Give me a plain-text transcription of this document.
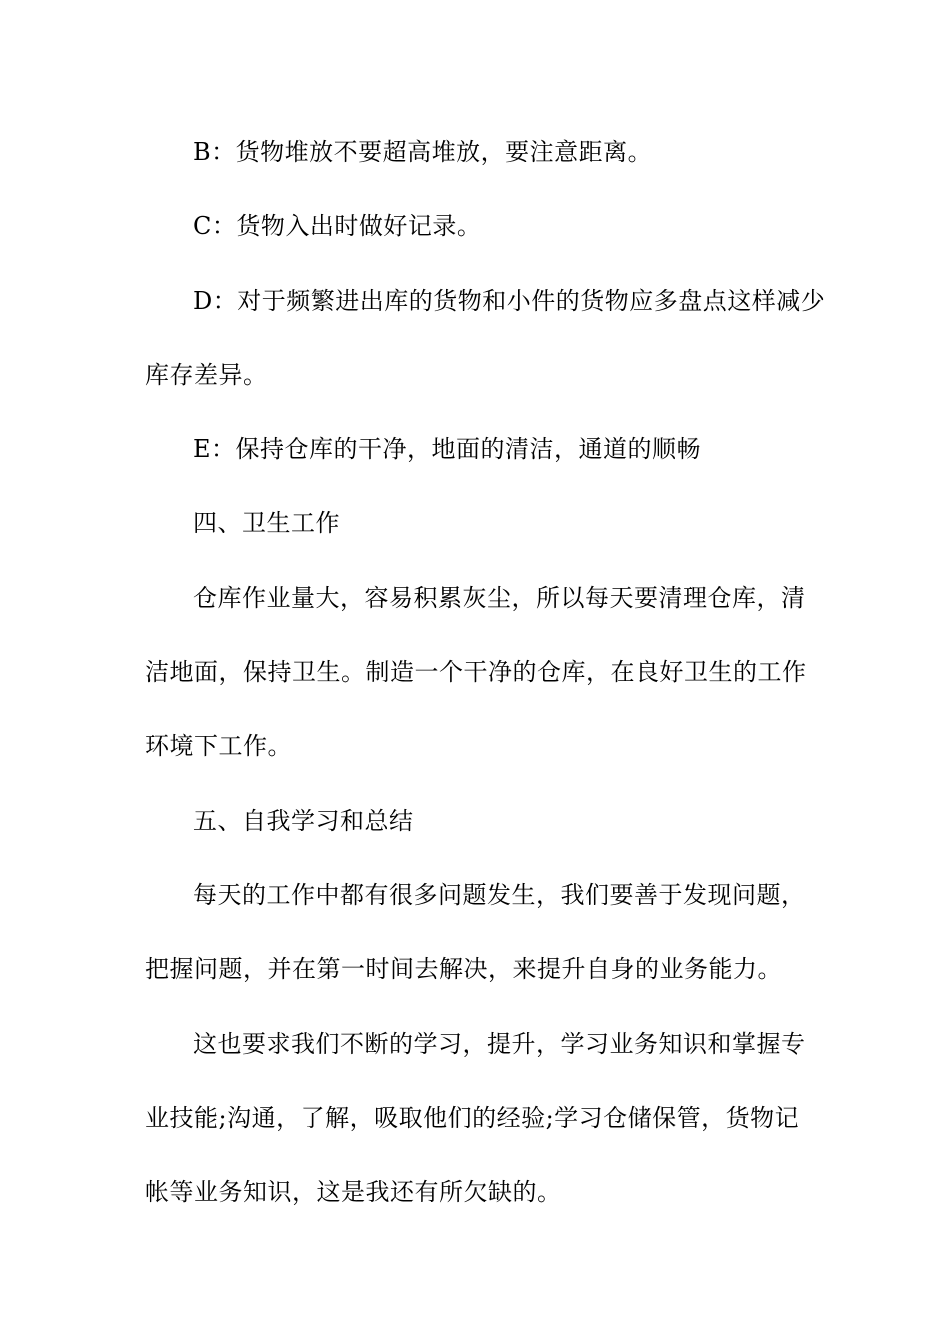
B：货物堆放不要超高堆放，要注意距离。
C：货物入出时做好记录。
D：对于频繁进出库的货物和小件的货物应多盘点这样减少
库存差异。
E：保持仓库的干净，地面的清洁，通道的顺畅
四、卫生工作
仓库作业量大，容易积累灰尘，所以每天要清理仓库，清
洁地面，保持卫生。制造一个干净的仓库，在良好卫生的工作
环境下工作。
五、自我学习和总结
每天的工作中都有很多问题发生，我们要善于发现问题，
把握问题，并在第一时间去解决，来提升自身的业务能力。
这也要求我们不断的学习，提升，学习业务知识和掌握专
业技能;沟通，了解，吸取他们的经验;学习仓储保管，货物记
帐等业务知识，这是我还有所欠缺的。
